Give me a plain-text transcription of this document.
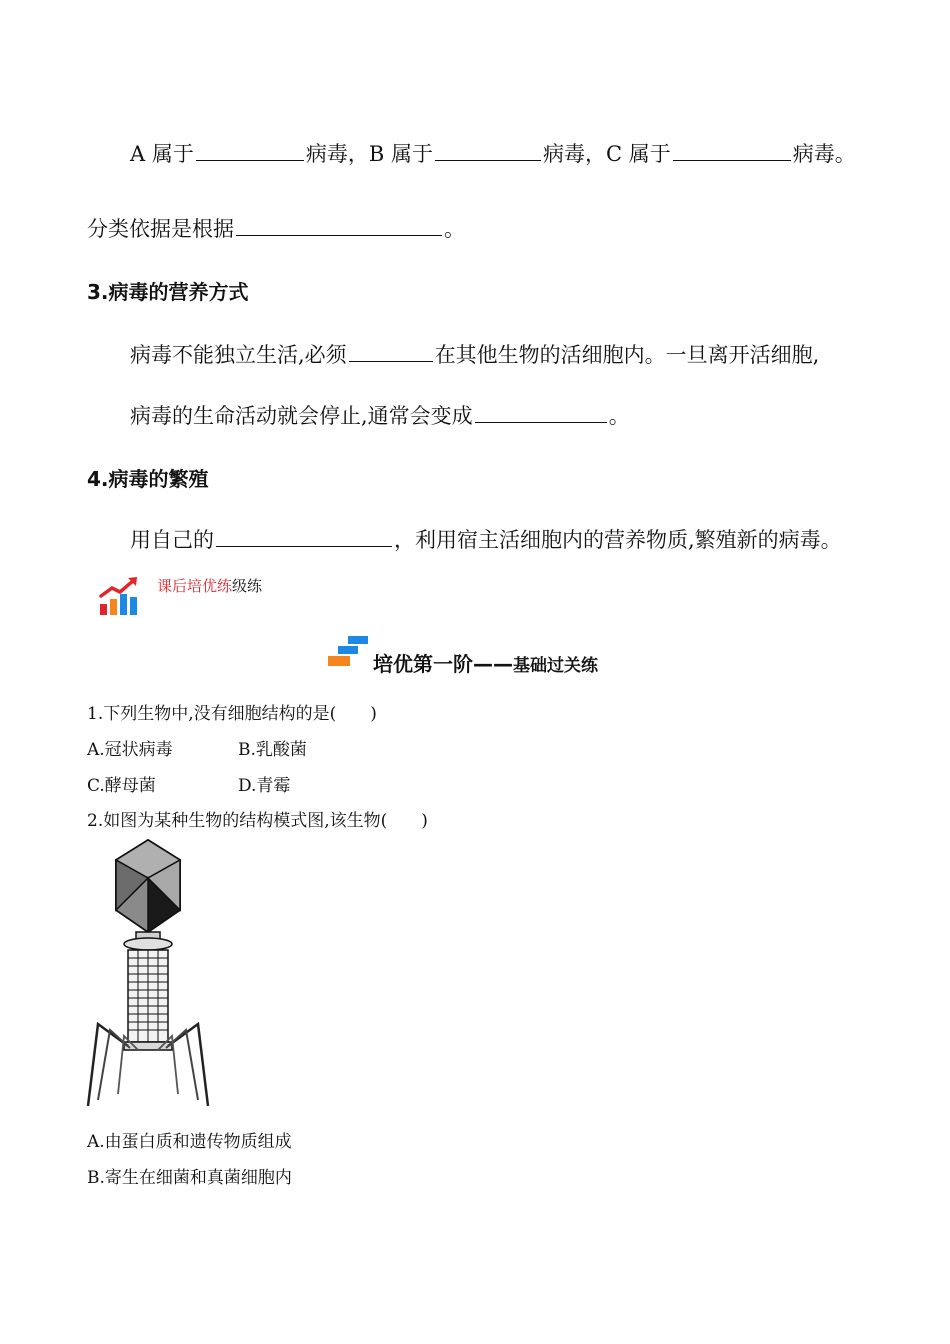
A 属于	病毒，B 属于	病毒，C 属于	病毒。
分类依据是根据	。
3.病毒的营养方式
病毒不能独立生活,必须	在其他生物的活细胞内。一旦离开活细胞,
病毒的生命活动就会停止,通常会变成	。
4.病毒的繁殖
用自己的	，利用宿主活细胞内的营养物质,繁殖新的病毒。
课后培优练级练
培优第一阶——基础过关练
1.下列生物中,没有细胞结构的是(　　)
A.冠状病毒	B.乳酸菌
C.酵母菌	D.青霉
2.如图为某种生物的结构模式图,该生物(　　)
A.由蛋白质和遗传物质组成
B.寄生在细菌和真菌细胞内
